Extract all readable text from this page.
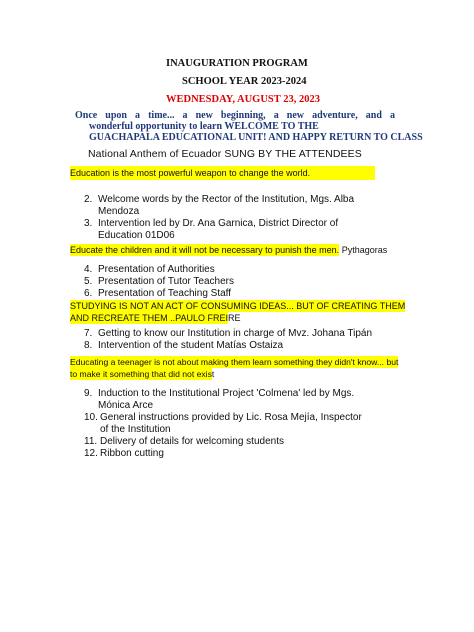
INAUGURATION PROGRAM
SCHOOL YEAR 2023-2024
WEDNESDAY, AUGUST 23, 2023
Once upon a time... a new beginning, a new adventure, and a
wonderful opportunity to learn WELCOME TO THE
GUACHAPALA EDUCATIONAL UNIT! AND HAPPY RETURN TO CLASS
National Anthem of Ecuador SUNG BY THE ATTENDEES
Education is the most powerful weapon to change the world.
2. Welcome words by the Rector of the Institution, Mgs. Alba Mendoza
3. Intervention led by Dr. Ana Garnica, District Director of Education 01D06
Educate the children and it will not be necessary to punish the men. Pythagoras
4. Presentation of Authorities
5. Presentation of Tutor Teachers
6. Presentation of Teaching Staff
STUDYING IS NOT AN ACT OF CONSUMING IDEAS... BUT OF CREATING THEM
AND RECREATE THEM ..PAULO FREIRE
7. Getting to know our Institution in charge of Mvz. Johana Tipán
8. Intervention of the student Matías Ostaiza
Educating a teenager is not about making them learn something they didn't know... but
to make it something that did not exist
9. Induction to the Institutional Project 'Colmena' led by Mgs. Mónica Arce
10. General instructions provided by Lic. Rosa Mejía, Inspector of the Institution
11. Delivery of details for welcoming students
12. Ribbon cutting
